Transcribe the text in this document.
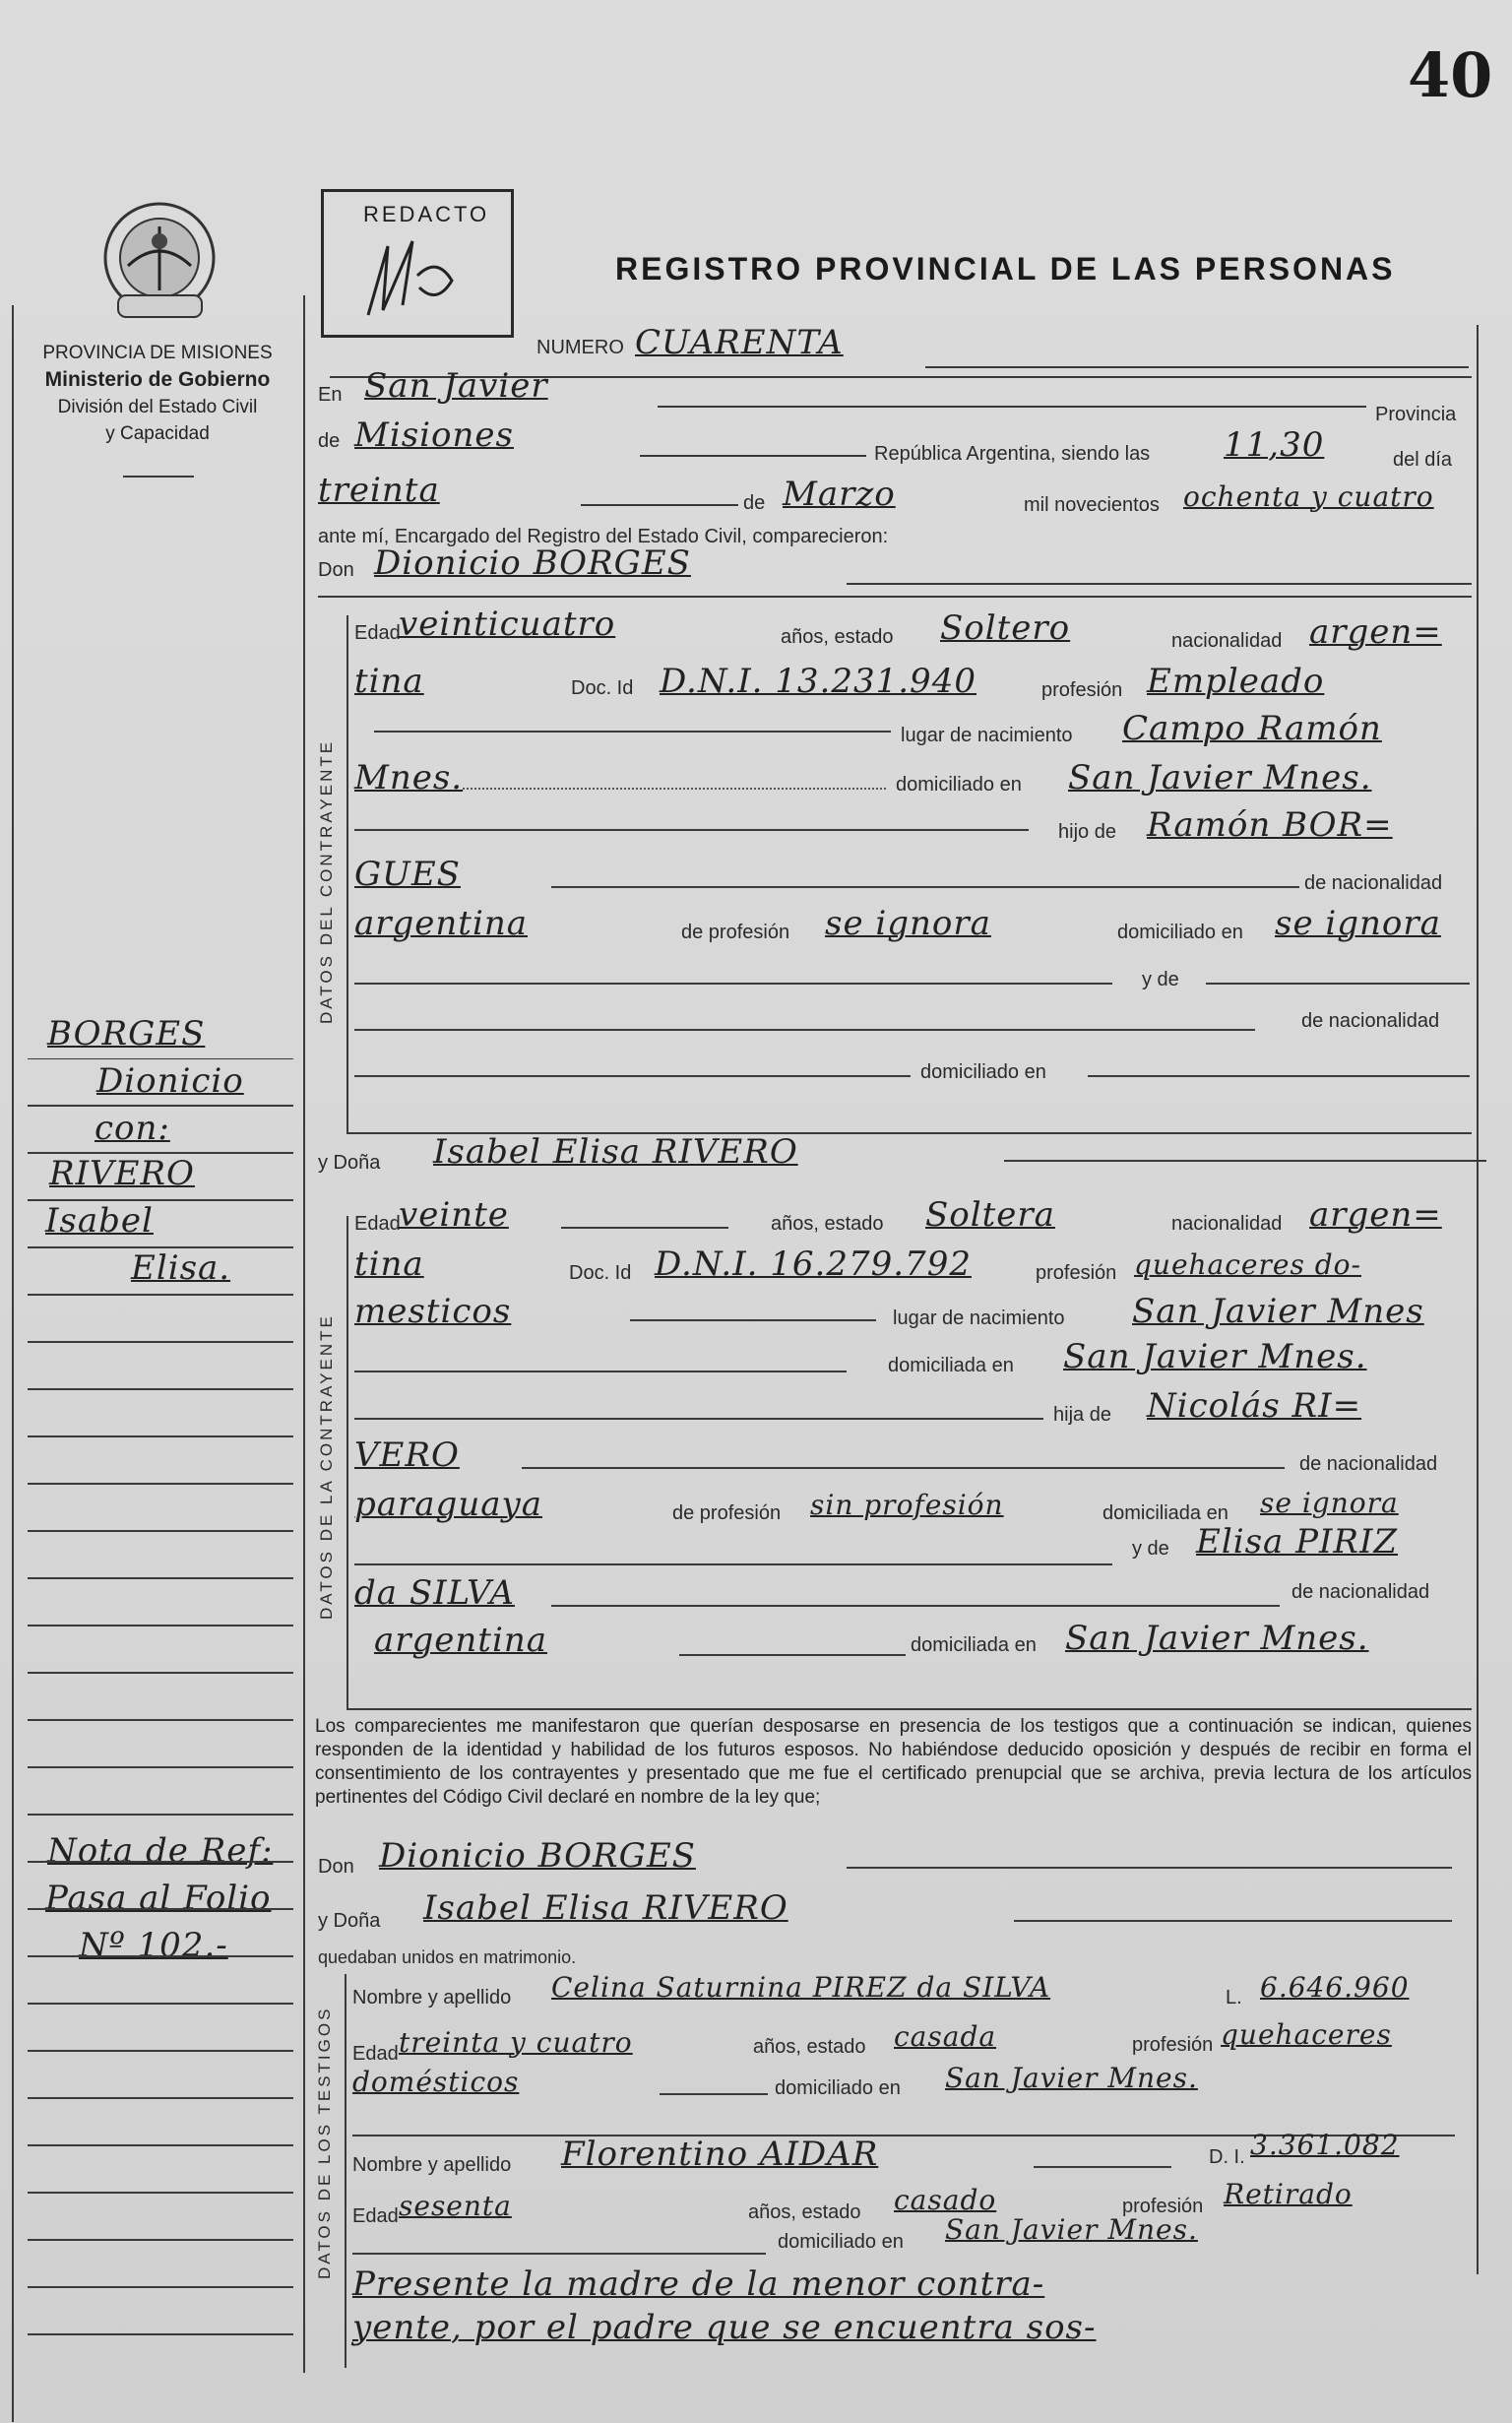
40
PROVINCIA DE MISIONES
Ministerio de Gobierno
División del Estado Civil
y Capacidad
REDACTO
REGISTRO PROVINCIAL DE LAS PERSONAS
NUMERO CUARENTA
En San Javier
Provincia
de Misiones	República Argentina, siendo las 11,30	del día
treinta	de Marzo	mil novecientos ochenta y cuatro
ante mí, Encargado del Registro del Estado Civil, comparecieron:
Don Dionicio BORGES
DATOS DEL CONTRAYENTE
Edad
veinticuatro	años, estado Soltero	nacionalidad argen=
tina	Doc. Id D.N.I. 13.231.940	profesión Empleado
lugar de nacimiento Campo Ramón
Mnes.	domiciliado en San Javier Mnes.
hijo de Ramón BOR=
GUES	de nacionalidad
argentina	de profesión se ignora	domiciliado en se ignora
y de
de nacionalidad
domiciliado en
y Doña Isabel Elisa RIVERO
DATOS DE LA CONTRAYENTE
Edad
veinte	años, estado Soltera	nacionalidad argen=
tina	Doc. Id D.N.I. 16.279.792	profesión quehaceres do-
mesticos	lugar de nacimiento San Javier Mnes
domiciliada en San Javier Mnes.
hija de Nicolás RI=
VERO	de nacionalidad
paraguaya	de profesión sin profesión	domiciliada en se ignora
y de Elisa PIRIZ
da SILVA	de nacionalidad
argentina	domiciliada en San Javier Mnes.
Los comparecientes me manifestaron que querían desposarse en presencia de los testigos que a continuación se indican, quienes responden de la identidad y habilidad de los futuros esposos. No habiéndose deducido oposición y después de recibir en forma el consentimiento de los contrayentes y presentado que me fue el certificado prenupcial que se archiva, previa lectura de los artículos pertinentes del Código Civil declaré en nombre de la ley que;
Don Dionicio BORGES
y Doña Isabel Elisa RIVERO
quedaban unidos en matrimonio.
DATOS DE LOS TESTIGOS
Nombre y apellido Celina Saturnina PIREZ da SILVA	L. 6.646.960
Edad treinta y cuatro	años, estado casada	profesión quehaceres
domésticos	domiciliado en San Javier Mnes.
Nombre y apellido Florentino AIDAR	D. I. 3.361.082
Edad sesenta	años, estado casado	profesión Retirado
domiciliado en San Javier Mnes.
Presente la madre de la menor contra-
yente, por el padre que se encuentra sos-
BORGES
Dionicio
con:
RIVERO
Isabel
Elisa.
Nota de Ref:
Pasa al Folio
Nº 102.-
